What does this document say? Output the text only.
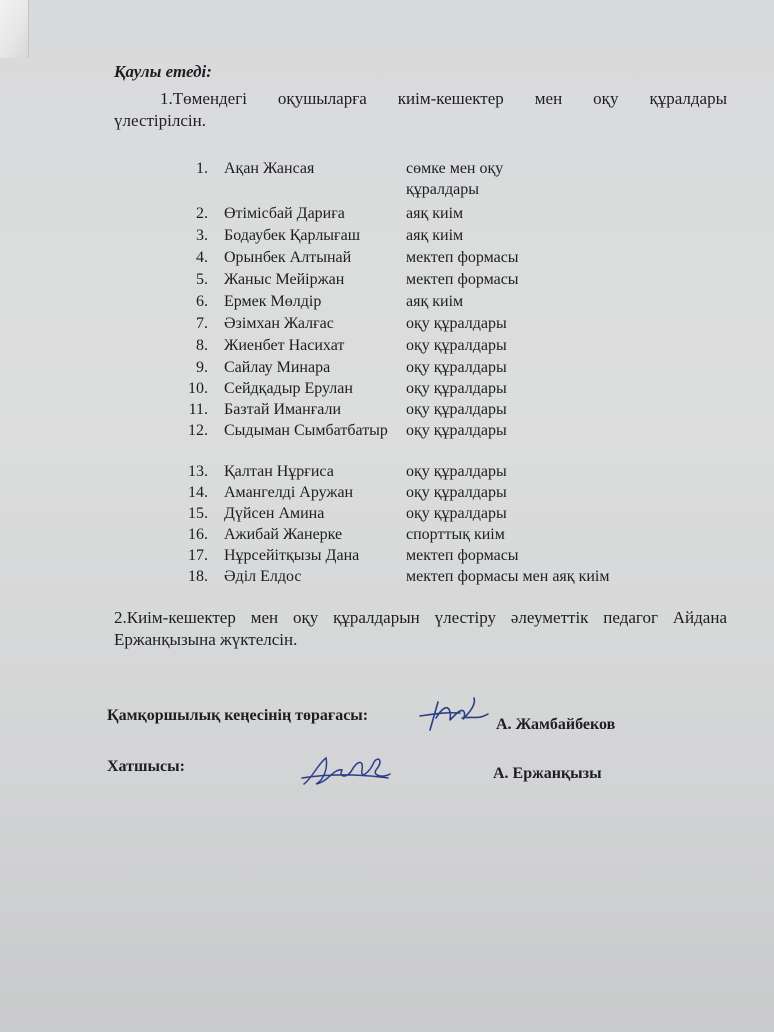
Қаулы етеді:

1.Төмендегі оқушыларға киім-кешектер мен оқу құралдары
үлестірілсін.

1. Ақан Жансая	сөмке мен оқу құралдары
2. Өтімісбай Дариға	аяқ киім
3. Бодаубек Қарлығаш	аяқ киім
4. Орынбек Алтынай	мектеп формасы
5. Жаныс Мейіржан	мектеп формасы
6. Ермек Мөлдір	аяқ киім
7. Әзімхан Жалғас	оқу құралдары
8. Жиенбет Насихат	оқу құралдары
9. Сайлау Минара	оқу құралдары
10. Сейдқадыр Ерулан	оқу құралдары
11. Базтай Иманғали	оқу құралдары
12. Сыдыман Сымбатбатыр	оқу құралдары
13. Қалтан Нұрғиса	оқу құралдары
14. Амангелді Аружан	оқу құралдары
15. Дүйсен Амина	оқу құралдары
16. Ажибай Жанерке	спорттық киім
17. Нұрсейітқызы Дана	мектеп формасы
18. Әділ Елдос	мектеп формасы мен аяқ киім

2.Киім-кешектер мен оқу құралдарын үлестіру әлеуметтік педагог Айдана Ержанқызына жүктелсін.

Қамқоршылық кеңесінің төрағасы:

А. Жамбайбеков

Хатшысы:	А. Ержанқызы
